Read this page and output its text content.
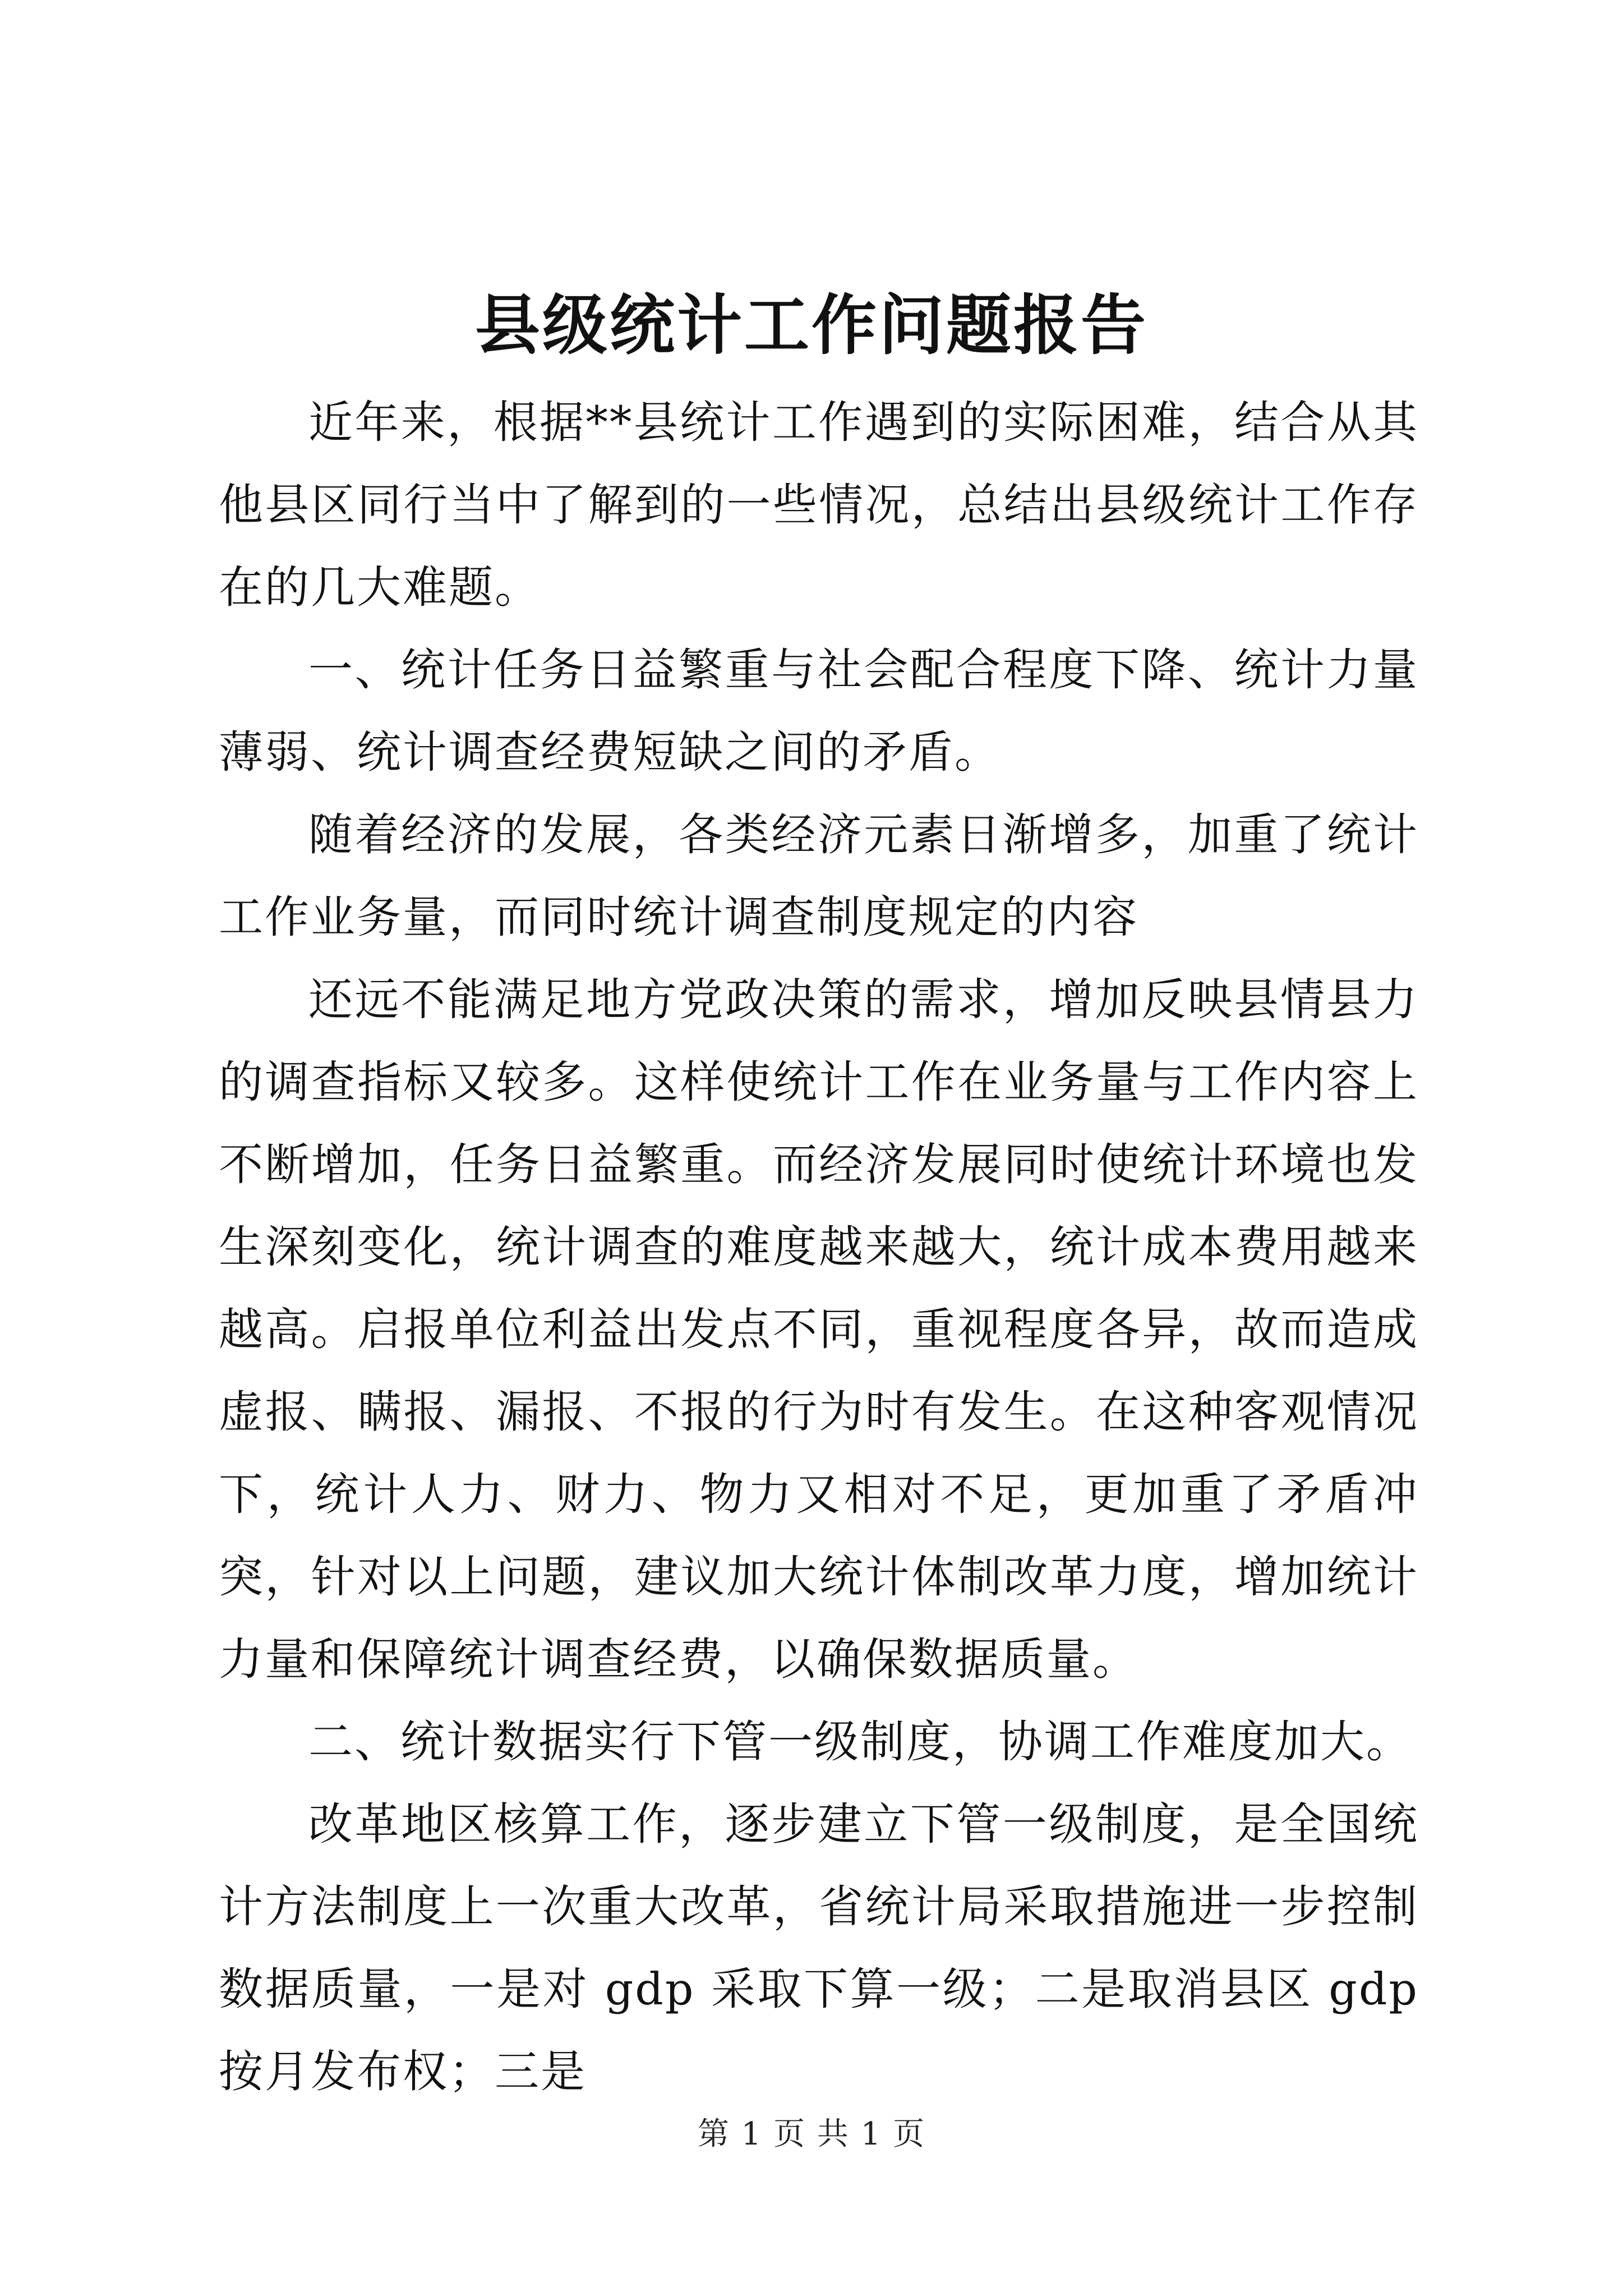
县级统计工作问题报告

近年来，根据**县统计工作遇到的实际困难，结合从其他县区同行当中了解到的一些情况，总结出县级统计工作存在的几大难题。

一、统计任务日益繁重与社会配合程度下降、统计力量薄弱、统计调查经费短缺之间的矛盾。

随着经济的发展，各类经济元素日渐增多，加重了统计工作业务量，而同时统计调查制度规定的内容

还远不能满足地方党政决策的需求，增加反映县情县力的调查指标又较多。这样使统计工作在业务量与工作内容上不断增加，任务日益繁重。而经济发展同时使统计环境也发生深刻变化，统计调查的难度越来越大，统计成本费用越来越高。启报单位利益出发点不同，重视程度各异，故而造成虚报、瞒报、漏报、不报的行为时有发生。在这种客观情况下，统计人力、财力、物力又相对不足，更加重了矛盾冲突，针对以上问题，建议加大统计体制改革力度，增加统计力量和保障统计调查经费，以确保数据质量。

二、统计数据实行下管一级制度，协调工作难度加大。

改革地区核算工作，逐步建立下管一级制度，是全国统计方法制度上一次重大改革，省统计局采取措施进一步控制数据质量，一是对 gdp 采取下算一级；二是取消县区 gdp 按月发布权；三是

第 1 页 共 1 页
